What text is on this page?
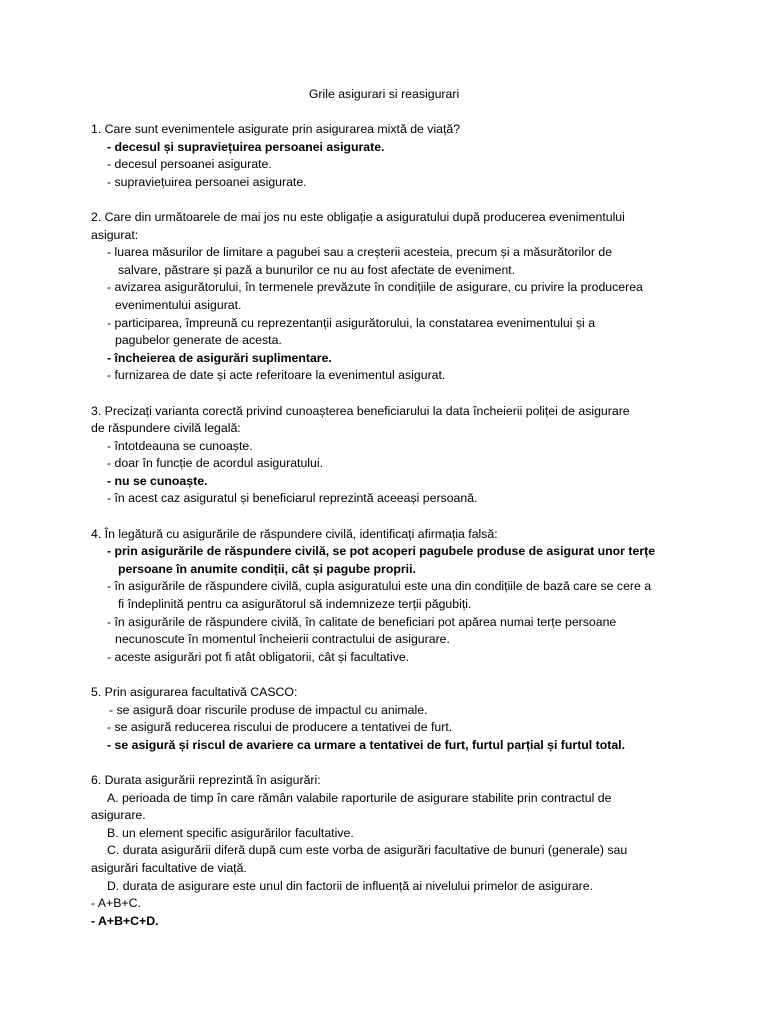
Grile asigurari si reasigurari
1. Care sunt evenimentele asigurate prin asigurarea mixtă de viață?
- decesul și supraviețuirea persoanei asigurate.
- decesul persoanei asigurate.
- supraviețuirea persoanei asigurate.
2. Care din următoarele de mai jos nu este obligație a asiguratului după producerea evenimentului
asigurat:
- luarea măsurilor de limitare a pagubei sau a creșterii acesteia, precum și a măsurătorilor de
salvare, păstrare și pază a bunurilor ce nu au fost afectate de eveniment.
- avizarea asigurătorului, în termenele prevăzute în condițiile de asigurare, cu privire la producerea
evenimentului asigurat.
- participarea, împreună cu reprezentanții asigurătorului, la constatarea evenimentului și a
pagubelor generate de acesta.
- încheierea de asigurări suplimentare.
- furnizarea de date și acte referitoare la evenimentul asigurat.
3. Precizați varianta corectă privind cunoașterea beneficiarului la data încheierii poliței de asigurare
de răspundere civilă legală:
- întotdeauna se cunoaște.
- doar în funcție de acordul asiguratului.
- nu se cunoaște.
- în acest caz asiguratul și beneficiarul reprezintă aceeași persoană.
4. În legătură cu asigurările de răspundere civilă, identificați afirmația falsă:
- prin asigurările de răspundere civilă, se pot acoperi pagubele produse de asigurat unor terțe
persoane în anumite condiții, cât și pagube proprii.
- în asigurările de răspundere civilă, cupla asiguratului este una din condițiile de bază care se cere a
fi îndeplinită pentru ca asigurătorul să indemnizeze terții păgubiți.
- în asigurările de răspundere civilă, în calitate de beneficiari pot apărea numai terțe persoane
necunoscute în momentul încheierii contractului de asigurare.
- aceste asigurări pot fi atât obligatorii, cât și facultative.
5. Prin asigurarea facultativă CASCO:
- se asigură doar riscurile produse de impactul cu animale.
- se asigură reducerea riscului de producere a tentativei de furt.
- se asigură și riscul de avariere ca urmare a tentativei de furt, furtul parțial și furtul total.
6. Durata asigurării reprezintă în asigurări:
A. perioada de timp în care rămân valabile raporturile de asigurare stabilite prin contractul de
asigurare.
B. un element specific asigurărilor facultative.
C. durata asigurării diferă după cum este vorba de asigurări facultative de bunuri (generale) sau
asigurări facultative de viață.
D. durata de asigurare este unul din factorii de influență ai nivelului primelor de asigurare.
- A+B+C.
- A+B+C+D.
